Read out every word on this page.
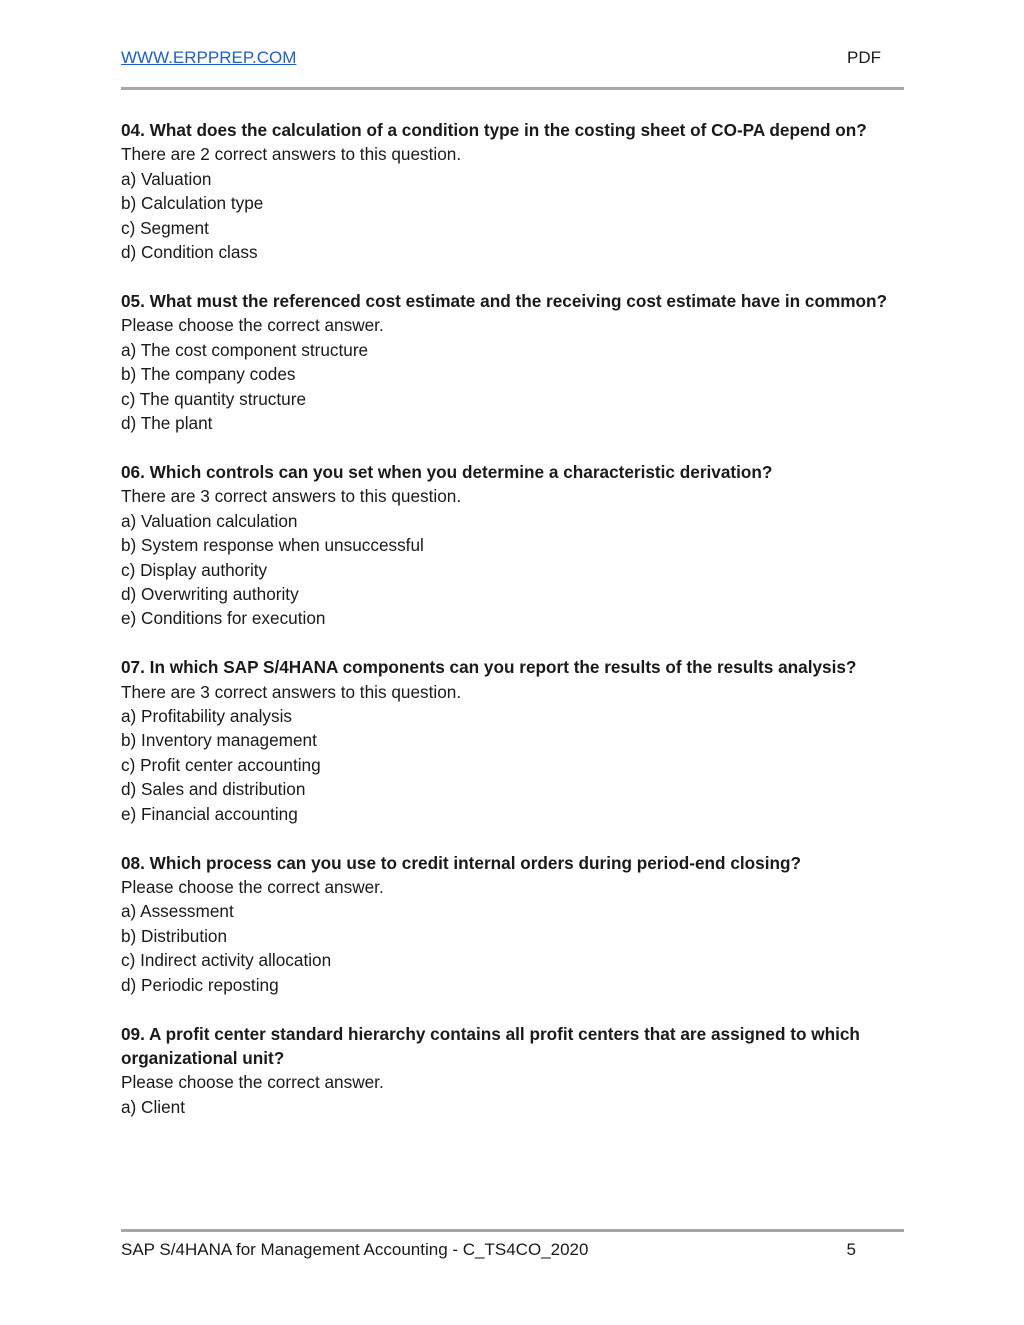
WWW.ERPPREP.COM	PDF

04. What does the calculation of a condition type in the costing sheet of CO-PA depend on?

There are 2 correct answers to this question.

a) Valuation

b) Calculation type

c) Segment

d) Condition class

05. What must the referenced cost estimate and the receiving cost estimate have in common?

Please choose the correct answer.

a) The cost component structure

b) The company codes

c) The quantity structure

d) The plant

06. Which controls can you set when you determine a characteristic derivation?

There are 3 correct answers to this question.

a) Valuation calculation

b) System response when unsuccessful

c) Display authority

d) Overwriting authority

e) Conditions for execution

07. In which SAP S/4HANA components can you report the results of the results analysis?

There are 3 correct answers to this question.

a) Profitability analysis

b) Inventory management

c) Profit center accounting

d) Sales and distribution

e) Financial accounting

08. Which process can you use to credit internal orders during period-end closing?

Please choose the correct answer.

a) Assessment

b) Distribution

c) Indirect activity allocation

d) Periodic reposting

09. A profit center standard hierarchy contains all profit centers that are assigned to which organizational unit?

Please choose the correct answer.

a) Client

SAP S/4HANA for Management Accounting - C_TS4CO_2020	5
